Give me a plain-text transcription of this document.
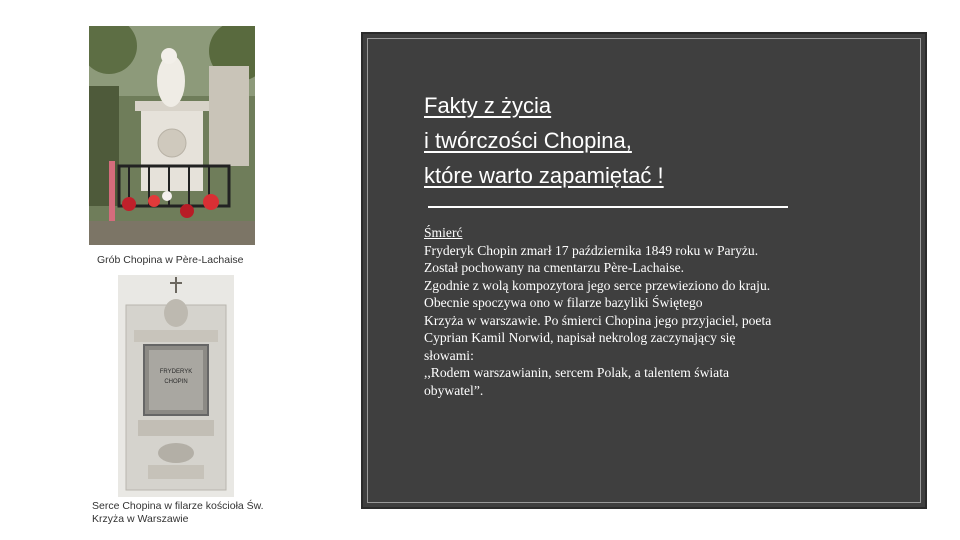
Grób Chopina w Père-Lachaise
FRYDERYK
CHOPIN
Serce Chopina w filarze kościoła Św.
Krzyża w Warszawie
Fakty z życia
i twórczości Chopina,
które warto zapamiętać !
Śmierć
Fryderyk Chopin zmarł 17 października 1849 roku w Paryżu.
Został pochowany na cmentarzu Père-Lachaise.
Zgodnie z wolą kompozytora jego serce przewieziono do kraju.
Obecnie spoczywa ono w filarze bazyliki Świętego
Krzyża w warszawie. Po śmierci Chopina jego przyjaciel, poeta
Cyprian Kamil Norwid, napisał nekrolog zaczynający się
słowami:
,,Rodem warszawianin, sercem Polak, a talentem świata
obywatel”.
